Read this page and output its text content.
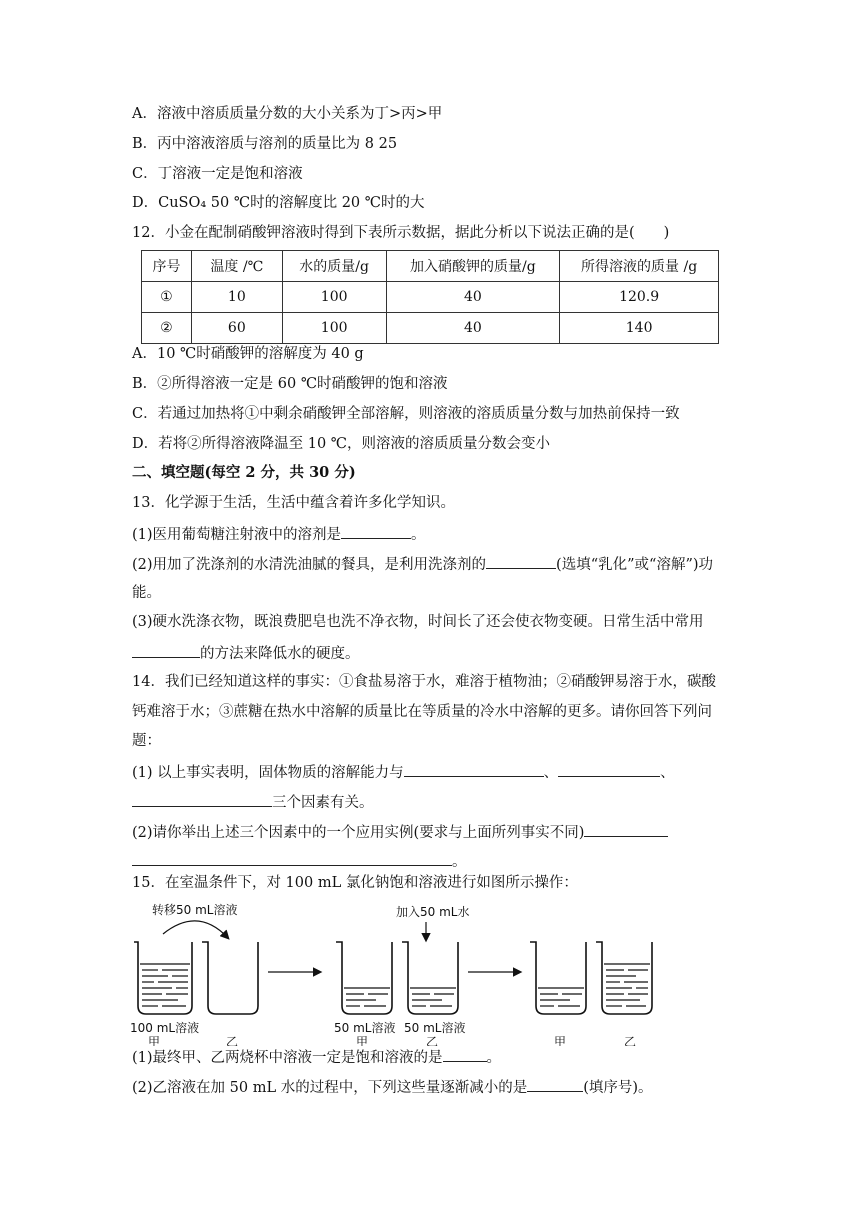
A．溶液中溶质质量分数的大小关系为丁>丙>甲
B．丙中溶液溶质与溶剂的质量比为 8 25
C．丁溶液一定是饱和溶液
D．CuSO₄ 50 ℃时的溶解度比 20 ℃时的大
12．小金在配制硝酸钾溶液时得到下表所示数据，据此分析以下说法正确的是(　　)
序号	温度 /℃	水的质量/g	加入硝酸钾的质量/g	所得溶液的质量 /g
①	10	100	40	120.9
②	60	100	40	140
A．10 ℃时硝酸钾的溶解度为 40 g
B．②所得溶液一定是 60 ℃时硝酸钾的饱和溶液
C．若通过加热将①中剩余硝酸钾全部溶解，则溶液的溶质质量分数与加热前保持一致
D．若将②所得溶液降温至 10 ℃，则溶液的溶质质量分数会变小
二、填空题(每空 2 分，共 30 分)
13．化学源于生活，生活中蕴含着许多化学知识。
(1)医用葡萄糖注射液中的溶剂是	。
(2)用加了洗涤剂的水清洗油腻的餐具，是利用洗涤剂的	(选填“乳化”或“溶解”)功
能。
(3)硬水洗涤衣物，既浪费肥皂也洗不净衣物，时间长了还会使衣物变硬。日常生活中常用
的方法来降低水的硬度。
14．我们已经知道这样的事实：①食盐易溶于水，难溶于植物油；②硝酸钾易溶于水，碳酸
钙难溶于水；③蔗糖在热水中溶解的质量比在等质量的冷水中溶解的更多。请你回答下列问
题：
(1) 以上事实表明，固体物质的溶解能力与	、	、
三个因素有关。
(2)请你举出上述三个因素中的一个应用实例(要求与上面所列事实不同)
。
15．在室温条件下，对 100 mL 氯化钠饱和溶液进行如图所示操作：
转移50 mL溶液
100 mL溶液
甲	乙
加入50 mL水
50 mL溶液
甲
50 mL溶液
乙	甲	乙
(1)最终甲、乙两烧杯中溶液一定是饱和溶液的是	。
(2)乙溶液在加 50 mL 水的过程中，下列这些量逐渐减小的是	(填序号)。
